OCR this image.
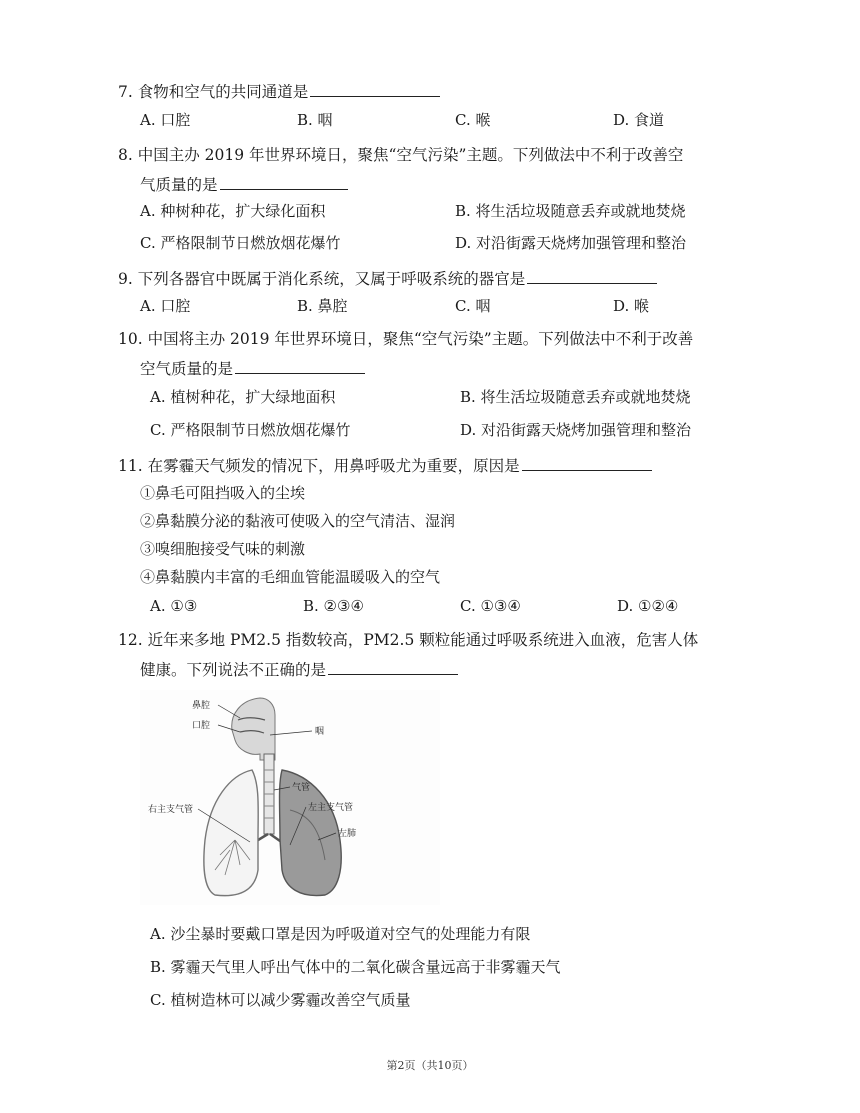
7. 食物和空气的共同通道是
A. 口腔	B. 咽	C. 喉	D. 食道
8. 中国主办 2019 年世界环境日，聚焦“空气污染”主题。下列做法中不利于改善空
气质量的是
A. 种树种花，扩大绿化面积	B. 将生活垃圾随意丢弃或就地焚烧
C. 严格限制节日燃放烟花爆竹	D. 对沿街露天烧烤加强管理和整治
9. 下列各器官中既属于消化系统，又属于呼吸系统的器官是
A. 口腔	B. 鼻腔	C. 咽	D. 喉
10. 中国将主办 2019 年世界环境日，聚焦“空气污染”主题。下列做法中不利于改善
空气质量的是
A. 植树种花，扩大绿地面积	B. 将生活垃圾随意丢弃或就地焚烧
C. 严格限制节日燃放烟花爆竹	D. 对沿街露天烧烤加强管理和整治
11. 在雾霾天气频发的情况下，用鼻呼吸尤为重要，原因是
①鼻毛可阻挡吸入的尘埃
②鼻黏膜分泌的黏液可使吸入的空气清洁、湿润
③嗅细胞接受气味的刺激
④鼻黏膜内丰富的毛细血管能温暖吸入的空气
A. ①③	B. ②③④	C. ①③④	D. ①②④
12. 近年来多地 PM2.5 指数较高，PM2.5 颗粒能通过呼吸系统进入血液，危害人体
健康。下列说法不正确的是
鼻腔
口腔
咽
气管
右主支气管	左主支气管
左肺
A. 沙尘暴时要戴口罩是因为呼吸道对空气的处理能力有限
B. 雾霾天气里人呼出气体中的二氧化碳含量远高于非雾霾天气
C. 植树造林可以减少雾霾改善空气质量
第2页（共10页）
